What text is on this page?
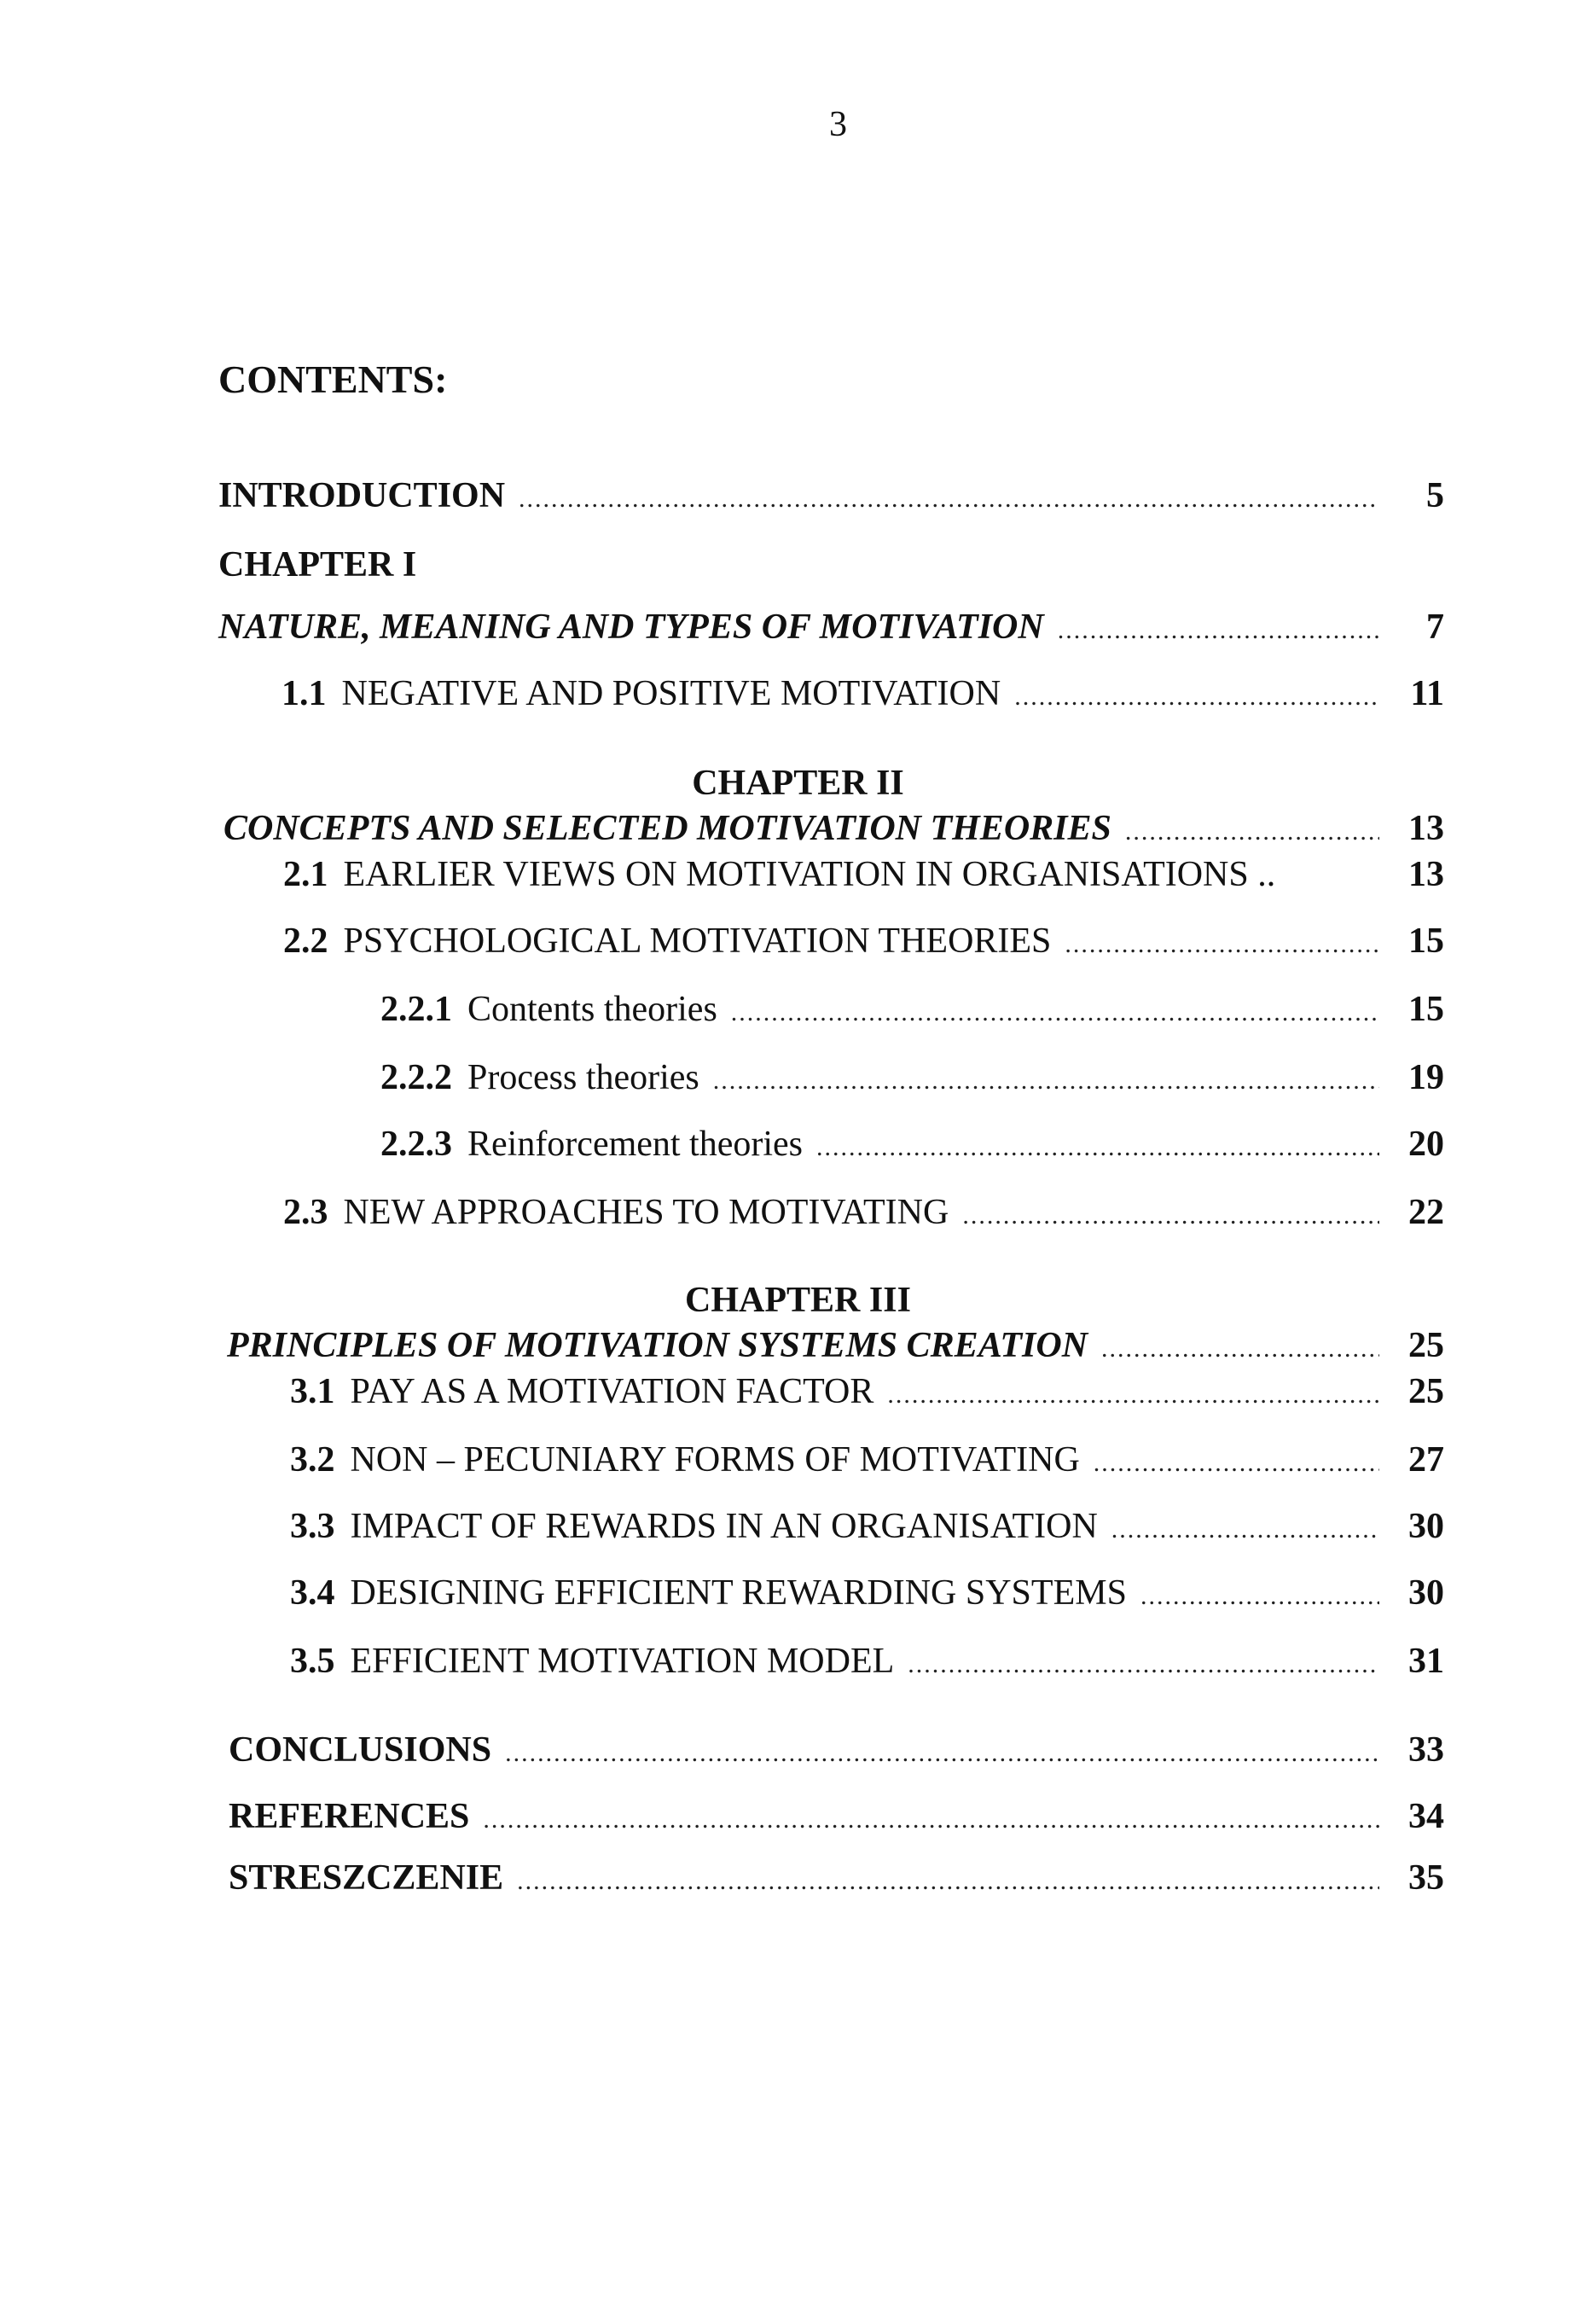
3
CONTENTS:
INTRODUCTION .....	5
CHAPTER I
NATURE, MEANING AND TYPES OF MOTIVATION .....	7
1.1 NEGATIVE AND POSITIVE MOTIVATION .....	11
CHAPTER II
CONCEPTS AND SELECTED MOTIVATION THEORIES .....	13
2.1 EARLIER VIEWS ON MOTIVATION IN ORGANISATIONS ..	13
2.2 PSYCHOLOGICAL MOTIVATION THEORIES .....	15
2.2.1 Contents theories .....	15
2.2.2 Process theories .....	19
2.2.3 Reinforcement theories .....	20
2.3 NEW APPROACHES TO MOTIVATING .....	22
CHAPTER III
PRINCIPLES OF MOTIVATION SYSTEMS CREATION .....	25
3.1 PAY AS A MOTIVATION FACTOR .....	25
3.2 NON – PECUNIARY FORMS OF MOTIVATING .....	27
3.3 IMPACT OF REWARDS IN AN ORGANISATION .....	30
3.4 DESIGNING EFFICIENT REWARDING SYSTEMS .....	30
3.5 EFFICIENT MOTIVATION MODEL .....	31
CONCLUSIONS .....	33
REFERENCES .....	34
STRESZCZENIE .....	35
